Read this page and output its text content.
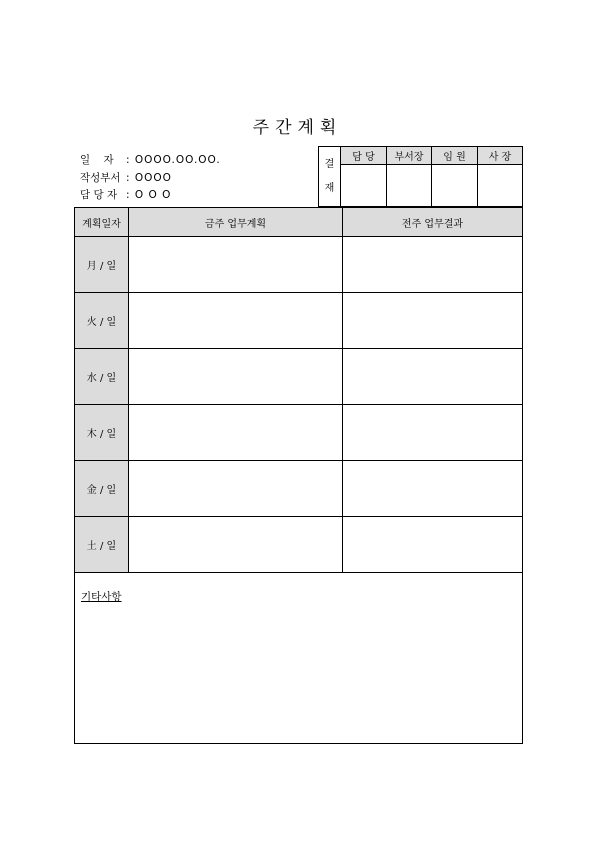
주간계획
일    자 : OOOO.OO.OO.
작성부서 : OOOO
담 당 자 : O O O
결
재	담 당	부서장	임 원	사 장

계획일자	금주 업무계획	전주 업무결과
月 / 일		
火 / 일		
水 / 일		
木 / 일		
金 / 일		
土 / 일		
기타사항
